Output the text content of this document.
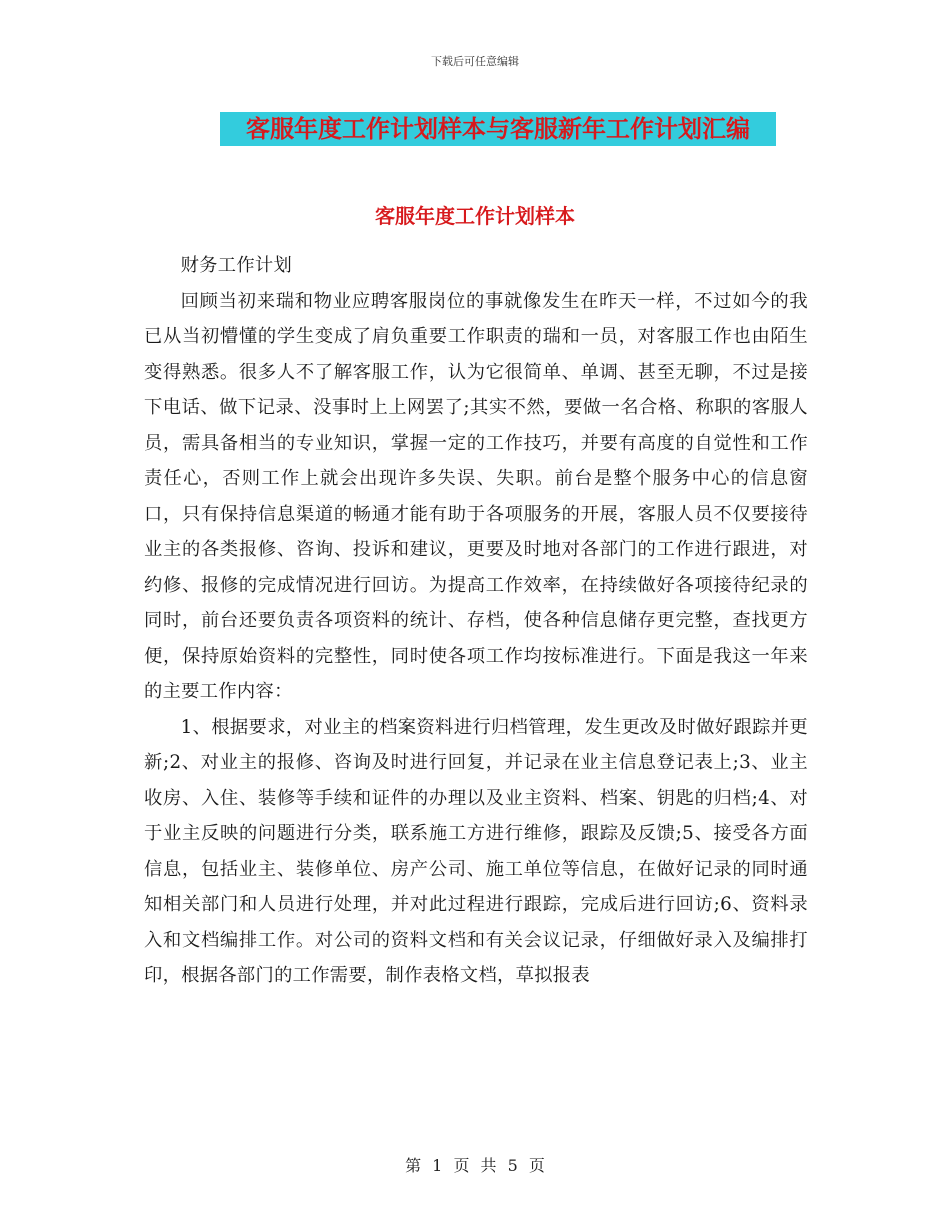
下载后可任意编辑
客服年度工作计划样本与客服新年工作计划汇编
客服年度工作计划样本

财务工作计划

回顾当初来瑞和物业应聘客服岗位的事就像发生在昨天一样，不过如今的我已从当初懵懂的学生变成了肩负重要工作职责的瑞和一员，对客服工作也由陌生变得熟悉。很多人不了解客服工作，认为它很简单、单调、甚至无聊，不过是接下电话、做下记录、没事时上上网罢了;其实不然，要做一名合格、称职的客服人员，需具备相当的专业知识，掌握一定的工作技巧，并要有高度的自觉性和工作责任心，否则工作上就会出现许多失误、失职。前台是整个服务中心的信息窗口，只有保持信息渠道的畅通才能有助于各项服务的开展，客服人员不仅要接待业主的各类报修、咨询、投诉和建议，更要及时地对各部门的工作进行跟进，对约修、报修的完成情况进行回访。为提高工作效率，在持续做好各项接待纪录的同时，前台还要负责各项资料的统计、存档，使各种信息储存更完整，查找更方便，保持原始资料的完整性，同时使各项工作均按标准进行。下面是我这一年来的主要工作内容：

1、根据要求，对业主的档案资料进行归档管理，发生更改及时做好跟踪并更新;2、对业主的报修、咨询及时进行回复，并记录在业主信息登记表上;3、业主收房、入住、装修等手续和证件的办理以及业主资料、档案、钥匙的归档;4、对于业主反映的问题进行分类，联系施工方进行维修，跟踪及反馈;5、接受各方面信息，包括业主、装修单位、房产公司、施工单位等信息，在做好记录的同时通知相关部门和人员进行处理，并对此过程进行跟踪，完成后进行回访;6、资料录入和文档编排工作。对公司的资料文档和有关会议记录，仔细做好录入及编排打印，根据各部门的工作需要，制作表格文档，草拟报表

第 1 页 共 5 页
